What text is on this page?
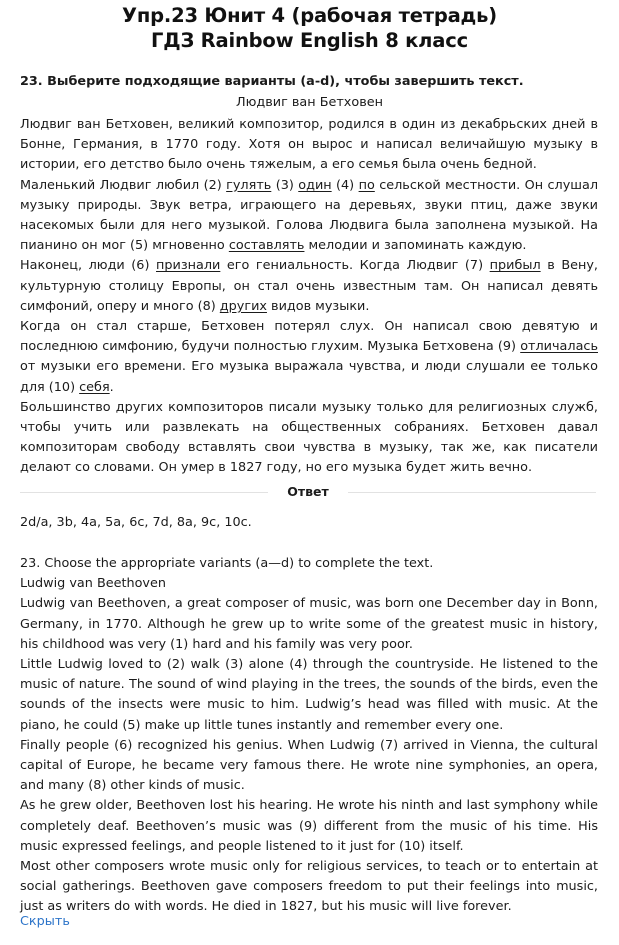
Упр.23 Юнит 4 (рабочая тетрадь)
ГДЗ Rainbow English 8 класс
23. Выберите подходящие варианты (a-d), чтобы завершить текст.
Людвиг ван Бетховен

Людвиг ван Бетховен, великий композитор, родился в один из декабрьских дней в Бонне, Германия, в 1770 году. Хотя он вырос и написал величайшую музыку в истории, его детство было очень тяжелым, а его семья была очень бедной.

Маленький Людвиг любил (2) гулять (3) один (4) по сельской местности. Он слушал музыку природы. Звук ветра, играющего на деревьях, звуки птиц, даже звуки насекомых были для него музыкой. Голова Людвига была заполнена музыкой. На пианино он мог (5) мгновенно составлять мелодии и запоминать каждую.

Наконец, люди (6) признали его гениальность. Когда Людвиг (7) прибыл в Вену, культурную столицу Европы, он стал очень известным там. Он написал девять симфоний, оперу и много (8) других видов музыки.

Когда он стал старше, Бетховен потерял слух. Он написал свою девятую и последнюю симфонию, будучи полностью глухим. Музыка Бетховена (9) отличалась от музыки его времени. Его музыка выражала чувства, и люди слушали ее только для (10) себя.

Большинство других композиторов писали музыку только для религиозных служб, чтобы учить или развлекать на общественных собраниях. Бетховен давал композиторам свободу вставлять свои чувства в музыку, так же, как писатели делают со словами. Он умер в 1827 году, но его музыка будет жить вечно.

Ответ
2d/a, 3b, 4a, 5a, 6c, 7d, 8a, 9c, 10c.

23. Choose the appropriate variants (a—d) to complete the text.

Ludwig van Beethoven

Ludwig van Beethoven, a great composer of music, was born one December day in Bonn, Germany, in 1770. Although he grew up to write some of the greatest music in history, his childhood was very (1) hard and his family was very poor.

Little Ludwig loved to (2) walk (3) alone (4) through the countryside. He listened to the music of nature. The sound of wind playing in the trees, the sounds of the birds, even the sounds of the insects were music to him. Ludwig’s head was filled with music. At the piano, he could (5) make up little tunes instantly and remember every one.

Finally people (6) recognized his genius. When Ludwig (7) arrived in Vienna, the cultural capital of Europe, he became very famous there. He wrote nine symphonies, an opera, and many (8) other kinds of music.

As he grew older, Beethoven lost his hearing. He wrote his ninth and last symphony while completely deaf. Beethoven’s music was (9) different from the music of his time. His music expressed feelings, and people listened to it just for (10) itself.

Most other composers wrote music only for religious services, to teach or to entertain at social gatherings. Beethoven gave composers freedom to put their feelings into music, just as writers do with words. He died in 1827, but his music will live forever.

Скрыть
